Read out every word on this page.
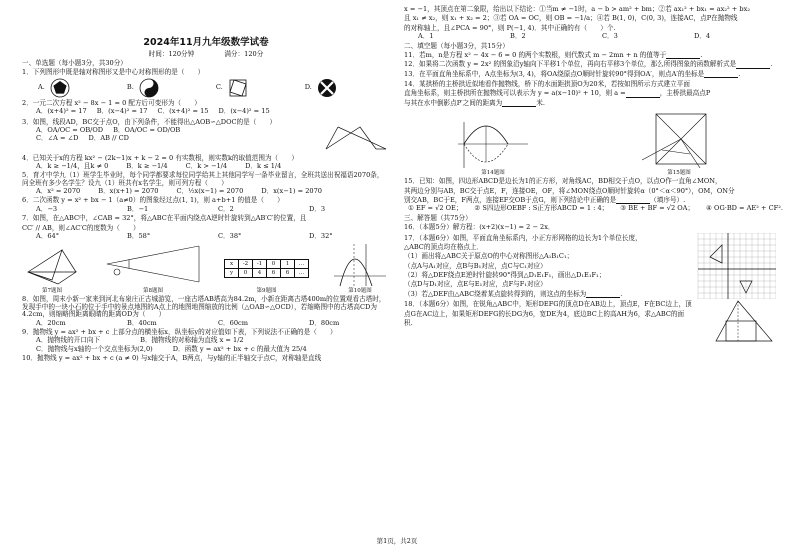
2024年11月九年级数学试卷
时间：120分钟	满分：120分
一、单选题（每小题3分，共30分）
1．下列图形中既是轴对称图形又是中心对称图形的是（　　）
A.	B.	C.	D.
2．一元二次方程 x² − 8x − 1 = 0 配方后可变形为（　　）
A．(x+4)² = 17 B．(x−4)² = 17 C．(x+4)² = 15 D．(x−4)² = 15
3．如图，线段AD，BC交于点O，由下列条件，不能得出△AOB∽△DOC的是（　　）
A．OA/OC = OB/OD B．OA/OC = OD/OB
C．∠A = ∠D D．AB // CD
4．已知关于x的方程 kx² − (2k−1)x + k − 2 = 0 有实数根，则实数k的取值范围为（　　）
A．k ≥ −1/4，且k ≠ 0	B．k ≥ −1/4	C．k > −1/4	D．k ≤ 1/4
5．育才中学九（1）班学生毕业时，每个同学都要求每位同学给其上其他同学写一条毕业留言，全班共送出祝福语2070条，问全班有多少名学生？设九（1）班共有x名学生，则可列方程（　　）
A．x² = 2070	B．x(x+1) = 2070	C．½x(x−1) = 2070	D．x(x−1) = 2070
6．二次函数 y = x² + bx − 1（a≠0）的图象经过点(1, 1)，则 a+b+1 的值是（　　）
A．−3	B．−1	C．2	D．3
7．如图，在△ABC中，∠CAB = 32°，将△ABC在平面内绕点A逆时针旋转到△AB′C′的位置，且
CC′ // AB，则∠AC′C的度数为（　　）
A．64°	B．58°	C．38°	D．32°
第7题图	第8题图
x	-2	-1	0	1	…
y	0	4	6	6	…
第9题图	第10题图
8．如图，周末小新一家来到河北布泉庄正古城游览，一座古塔AB塔高为84.2m，小新在距离古塔400m的位置观看古塔时，发现手中的一块小石的位于手中的景点地图的A点上的地图地图缩放的比例（△OAB∽△OCD），若缩略图中的古塔高CD为4.2cm，则缩略图距离眼睛的距离OD为（　　）
A．20cm	B．40cm	C．60cm	D．80cm
9．抛物线 y = ax² + bx + c 上部分点的横坐标x，纵坐标y的对应值如下表，下列说法不正确的是（　　）
A．抛物线的开口向下	B．抛物线的对称轴为直线 x = 1/2
C．抛物线与x轴的一个交点坐标为(2,0)	D．函数 y = ax² + bx + c 的最大值为 25/4
10．抛物线 y = ax² + bx + c (a ≠ 0) 与x轴交于A，B两点，与y轴的正半轴交于点C，对称轴是直线
x = −1，其顶点在第二象限，给出以下结论：①当m ≠ −1时，a − b > am² + bm；②若 ax₁² + bx₁ = ax₂² + bx₂
且 x₁ ≠ x₂，则 x₁ + x₂ = 2；③若 OA = OC，则 OB = −1/a；④若 B(1, 0)，C(0, 3)，连接AC，点P在抛物线
的对称轴上，且∠PCA = 90°，则 P(−1, 4)．其中正确的有（　　）个.
A．1	B．2	C．3	D．4
二、填空题（每小题3分，共15分）
11．若m，n是方程 x² − 4x − 6 = 0 的两个实数根，则代数式 m − 2mn + n 的值等于	.
12．如果将二次函数 y = 2x² 的图象沿y轴向下平移1个单位，再向右平移3个单位，那么所得图象的函数解析式是	.
13．在平面直角坐标系中，A点坐标为(3, 4)，将OA绕原点O顺时针旋转90°得到OA′，则点A′的坐标是	.
14．某拱桥的主桥拱近似地看作抛物线，桥下的水面距拱顶O为20米，若按如图所示方式建立平面
直角坐标系，则主桥拱所在抛物线可以表示为 y = a(x−10)² + 10，则 a =	，主桥拱最高点P
与其在水中倒影点P′之间的距离为	米.
第14题图	第15题图
15．已知：如图，四边形ABCD是边长为1的正方形，对角线AC，BD相交于点O，以点O作一直角∠MON，
其两边分别与AB，BC交于点E，F，连接OE，OF，将∠MON绕点O顺时针旋转α（0°＜α＜90°），OM，ON分
别交AB，BC于E，F两点，连接EF交OB于点G，则下列结论中正确的是	（填序号）.
① EF = √2 OE； ② S四边形OEBF : S正方形ABCD = 1 : 4； ③ BE + BF = √2 OA； ④ OG·BD = AE² + CF².
三、解答题（共75分）
16．（本题5分）解方程：(x+2)(x−1) = 2 − 2x．
17．（本题6分）如图，平面直角坐标系内，小正方形网格的边长为1个单位长度，
△ABC的顶点均在格点上．
（1）画出将△ABC关于原点O的中心对称图形△A₁B₁C₁；
（点A与A₁对应，点B与B₁对应，点C与C₁对应）
（2）将△DEF绕点E逆时针旋转90°得到△D₁E₁F₁，画出△D₁E₁F₁；
（点D与D₁对应，点E与E₁对应，点F与F₁对应）
（3）若△DEF由△ABC绕着某点旋转得到的，则这点的坐标为	.
18．（本题6分）如图，在锐角△ABC中，矩形DEFG的顶点D在AB边上，顶点E，F在BC边上，顶
点G在AC边上，如果矩形DEFG的长DG为6，宽DE为4，底边BC上的高AH为6，求△ABC的面
积.
第1页，共2页
